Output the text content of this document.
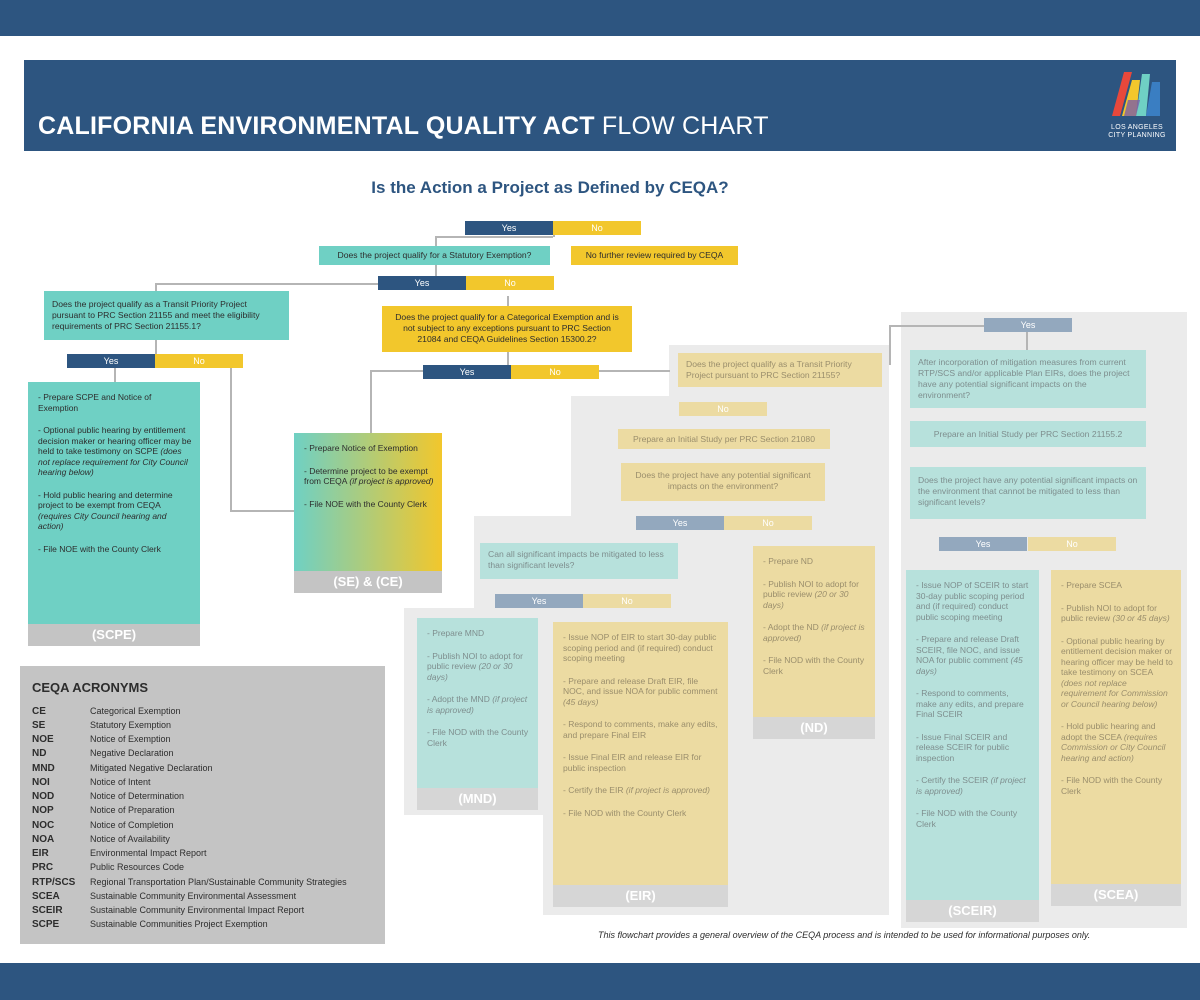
CALIFORNIA ENVIRONMENTAL QUALITY ACT FLOW CHART	LOS ANGELES CITY PLANNING
Is the Action a Project as Defined by CEQA?
Yes	No
Does the project qualify for a Statutory Exemption?	No further review required by CEQA
Yes	No
Does the project qualify as a Transit Priority Project pursuant to PRC Section 21155 and meet the eligibility requirements of PRC Section 21155.1?
Does the project qualify for a Categorical Exemption and is not subject to any exceptions pursuant to PRC Section 21084 and CEQA Guidelines Section 15300.2?
Yes	No
Yes	No

- Prepare SCPE and Notice of Exemption

- Optional public hearing by entitlement decision maker or hearing officer may be held to take testimony on SCPE (does not replace requirement for City Council hearing below)

- Hold public hearing and determine project to be exempt from CEQA (requires City Council hearing and action)

- File NOE with the County Clerk

(SCPE)

- Prepare Notice of Exemption

- Determine project to be exempt from CEQA (if project is approved)

- File NOE with the County Clerk

(SE) & (CE)
Does the project qualify as a Transit Priority Project pursuant to PRC Section 21155?
No
Prepare an Initial Study per PRC Section 21080
Does the project have any potential significant impacts on the environment?
Yes	No
Can all significant impacts be mitigated to less than significant levels?
Yes	No

- Prepare ND

- Publish NOI to adopt for public review (20 or 30 days)

- Adopt the ND (if project is approved)

- File NOD with the County Clerk

(ND)

- Prepare MND

- Publish NOI to adopt for public review (20 or 30 days)

- Adopt the MND (if project is approved)

- File NOD with the County Clerk

(MND)

- Issue NOP of EIR to start 30-day public scoping period and (if required) conduct scoping meeting

- Prepare and release Draft EIR, file NOC, and issue NOA for public comment (45 days)

- Respond to comments, make any edits, and prepare Final EIR

- Issue Final EIR and release EIR for public inspection

- Certify the EIR (if project is approved)

- File NOD with the County Clerk

(EIR)
Yes
After incorporation of mitigation measures from current RTP/SCS and/or applicable Plan EIRs, does the project have any potential significant impacts on the environment?
Prepare an Initial Study per PRC Section 21155.2
Does the project have any potential significant impacts on the environment that cannot be mitigated to less than significant levels?
Yes	No

- Issue NOP of SCEIR to start 30-day public scoping period and (if required) conduct public scoping meeting

- Prepare and release Draft SCEIR, file NOC, and issue NOA for public comment (45 days)

- Respond to comments, make any edits, and prepare Final SCEIR

- Issue Final SCEIR and release SCEIR for public inspection

- Certify the SCEIR (if project is approved)

- File NOD with the County Clerk

(SCEIR)

- Prepare SCEA

- Publish NOI to adopt for public review (30 or 45 days)

- Optional public hearing by entitlement decision maker or hearing officer may be held to take testimony on SCEA (does not replace requirement for Commission or Council hearing below)

- Hold public hearing and adopt the SCEA (requires Commission or City Council hearing and action)

- File NOD with the County Clerk

(SCEA)
CEQA ACRONYMS
CE	Categorical Exemption
SE	Statutory Exemption
NOE	Notice of Exemption
ND	Negative Declaration
MND	Mitigated Negative Declaration
NOI	Notice of Intent
NOD	Notice of Determination
NOP	Notice of Preparation
NOC	Notice of Completion
NOA	Notice of Availability
EIR	Environmental Impact Report
PRC	Public Resources Code
RTP/SCS	Regional Transportation Plan/Sustainable Community Strategies
SCEA	Sustainable Community Environmental Assessment
SCEIR	Sustainable Community Environmental Impact Report
SCPE	Sustainable Communities Project Exemption
This flowchart provides a general overview of the CEQA process and is intended to be used for informational purposes only.
